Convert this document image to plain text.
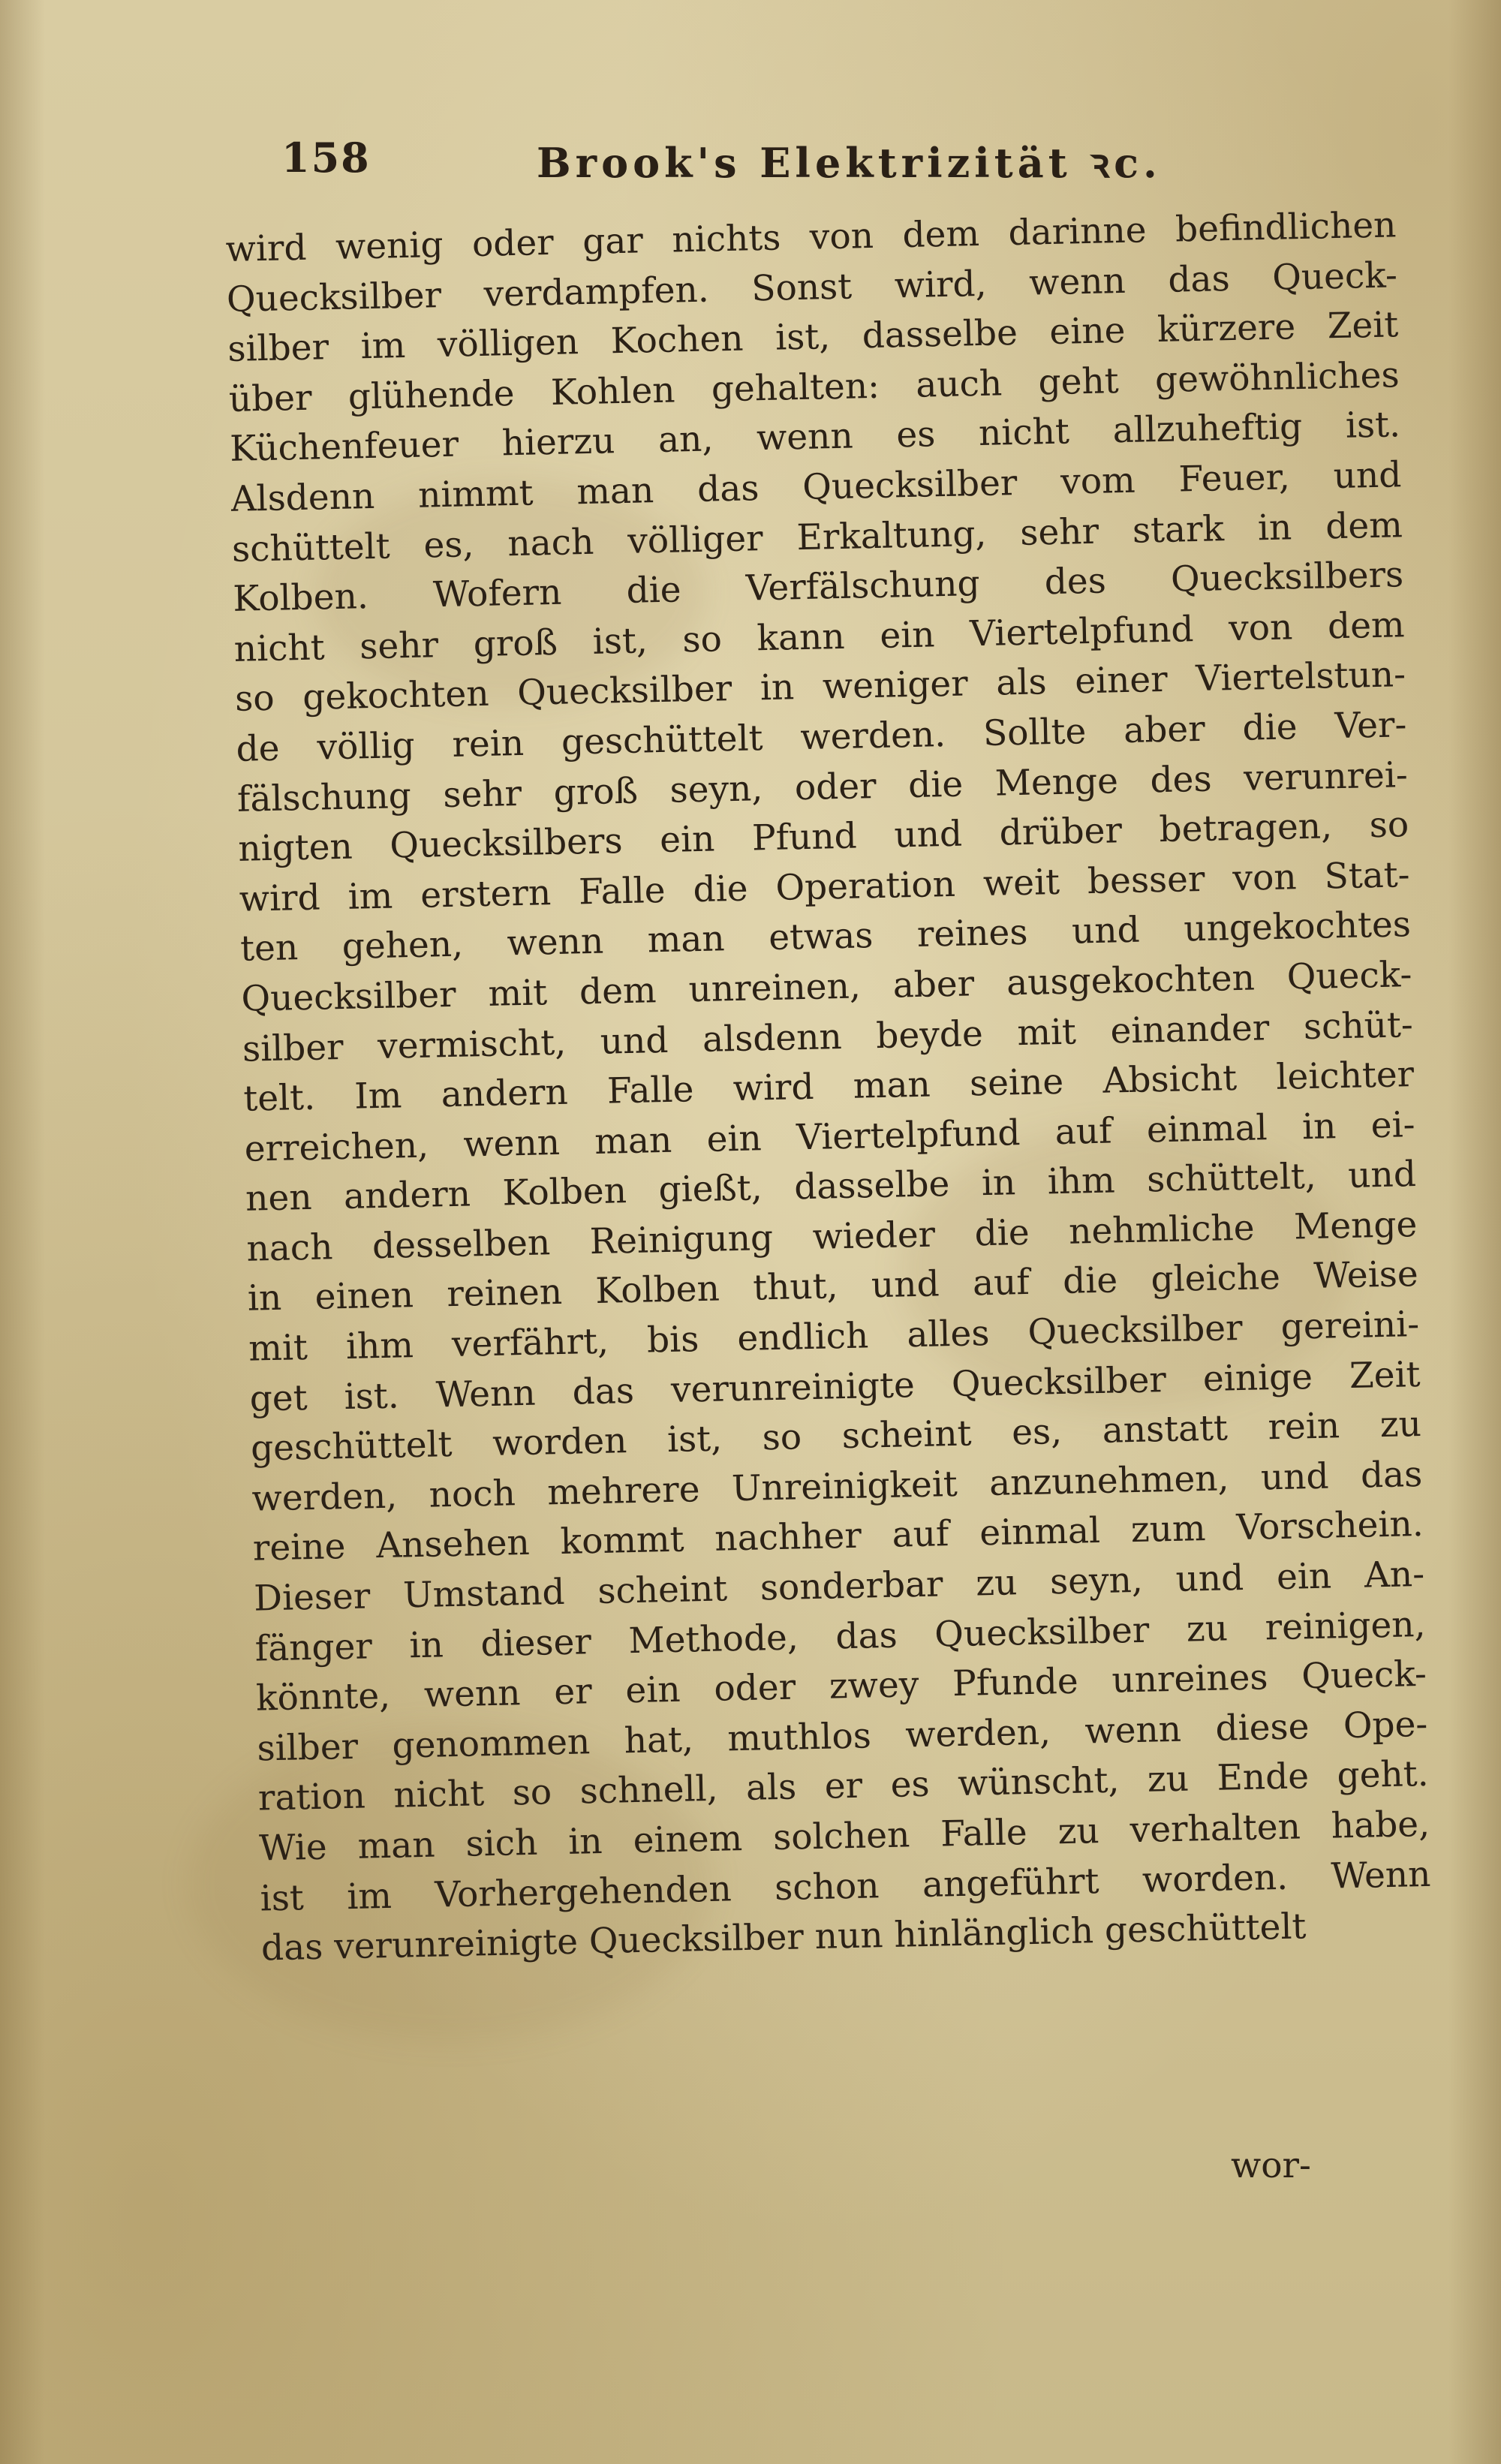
158	Brook's Elektrizität ꝛc.
wird wenig oder gar nichts von dem darinne befindlichen
Quecksilber verdampfen. Sonst wird, wenn das Queck-
silber im völligen Kochen ist, dasselbe eine kürzere Zeit
über glühende Kohlen gehalten: auch geht gewöhnliches
Küchenfeuer hierzu an, wenn es nicht allzuheftig ist.
Alsdenn nimmt man das Quecksilber vom Feuer, und
schüttelt es, nach völliger Erkaltung, sehr stark in dem
Kolben. Wofern die Verfälschung des Quecksilbers
nicht sehr groß ist, so kann ein Viertelpfund von dem
so gekochten Quecksilber in weniger als einer Viertelstun-
de völlig rein geschüttelt werden. Sollte aber die Ver-
fälschung sehr groß seyn, oder die Menge des verunrei-
nigten Quecksilbers ein Pfund und drüber betragen, so
wird im erstern Falle die Operation weit besser von Stat-
ten gehen, wenn man etwas reines und ungekochtes
Quecksilber mit dem unreinen, aber ausgekochten Queck-
silber vermischt, und alsdenn beyde mit einander schüt-
telt. Im andern Falle wird man seine Absicht leichter
erreichen, wenn man ein Viertelpfund auf einmal in ei-
nen andern Kolben gießt, dasselbe in ihm schüttelt, und
nach desselben Reinigung wieder die nehmliche Menge
in einen reinen Kolben thut, und auf die gleiche Weise
mit ihm verfährt, bis endlich alles Quecksilber gereini-
get ist. Wenn das verunreinigte Quecksilber einige Zeit
geschüttelt worden ist, so scheint es, anstatt rein zu
werden, noch mehrere Unreinigkeit anzunehmen, und das
reine Ansehen kommt nachher auf einmal zum Vorschein.
Dieser Umstand scheint sonderbar zu seyn, und ein An-
fänger in dieser Methode, das Quecksilber zu reinigen,
könnte, wenn er ein oder zwey Pfunde unreines Queck-
silber genommen hat, muthlos werden, wenn diese Ope-
ration nicht so schnell, als er es wünscht, zu Ende geht.
Wie man sich in einem solchen Falle zu verhalten habe,
ist im Vorhergehenden schon angeführt worden. Wenn
das verunreinigte Quecksilber nun hinlänglich geschüttelt
wor-
